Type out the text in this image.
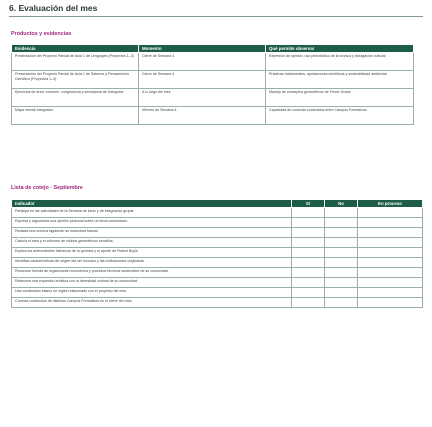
6. Evaluación del mes
Productos y evidencias
Evidencia	Momento	Qué permite observar
Presentación del Proyecto Parcial de Aula 1 de Lenguajes (Proyectos 1–3)	Cierre de Semana 4	Expresión de opinión, uso periodístico de la crónica y divulgación cultural
Presentación del Proyecto Parcial de Aula 1 de Saberes y Pensamiento Científico (Proyectos 1–3)	Cierre de Semana 4	Prácticas tradicionales, aportaciones científicas y sostenibilidad ambiental
Ejercicios de área, volumen, congruencia y semejanza de triángulos	A lo largo del mes	Manejo de conceptos geométricos de Tercer Grado
Mapa mental integrador	Viernes de Semana 4	Capacidad de conectar contenidos entre Campos Formativos
Lista de cotejo · Septiembre
Indicador	Sí	No	En proceso
Participa en las actividades de la Semana de inicio y de integración grupal.			
Expresa y argumenta una opinión personal sobre un tema comunitario.			
Redacta una crónica siguiendo su estructura básica.			
Calcula el área y el volumen de sólidos geométricos sencillos.			
Explica los antecedentes históricos de la química y el aporte de Robert Boyle.			
Identifica características del origen del ser humano y las civilizaciones originarias.			
Reconoce formas de organización económica y procesos técnicos sostenibles de su comunidad.			
Relaciona una expresión artística con la diversidad cultural de su comunidad.			
Usa vocabulario básico en inglés relacionado con el proyecto del mes.			
Conecta contenidos de distintos Campos Formativos en el cierre del mes.			
